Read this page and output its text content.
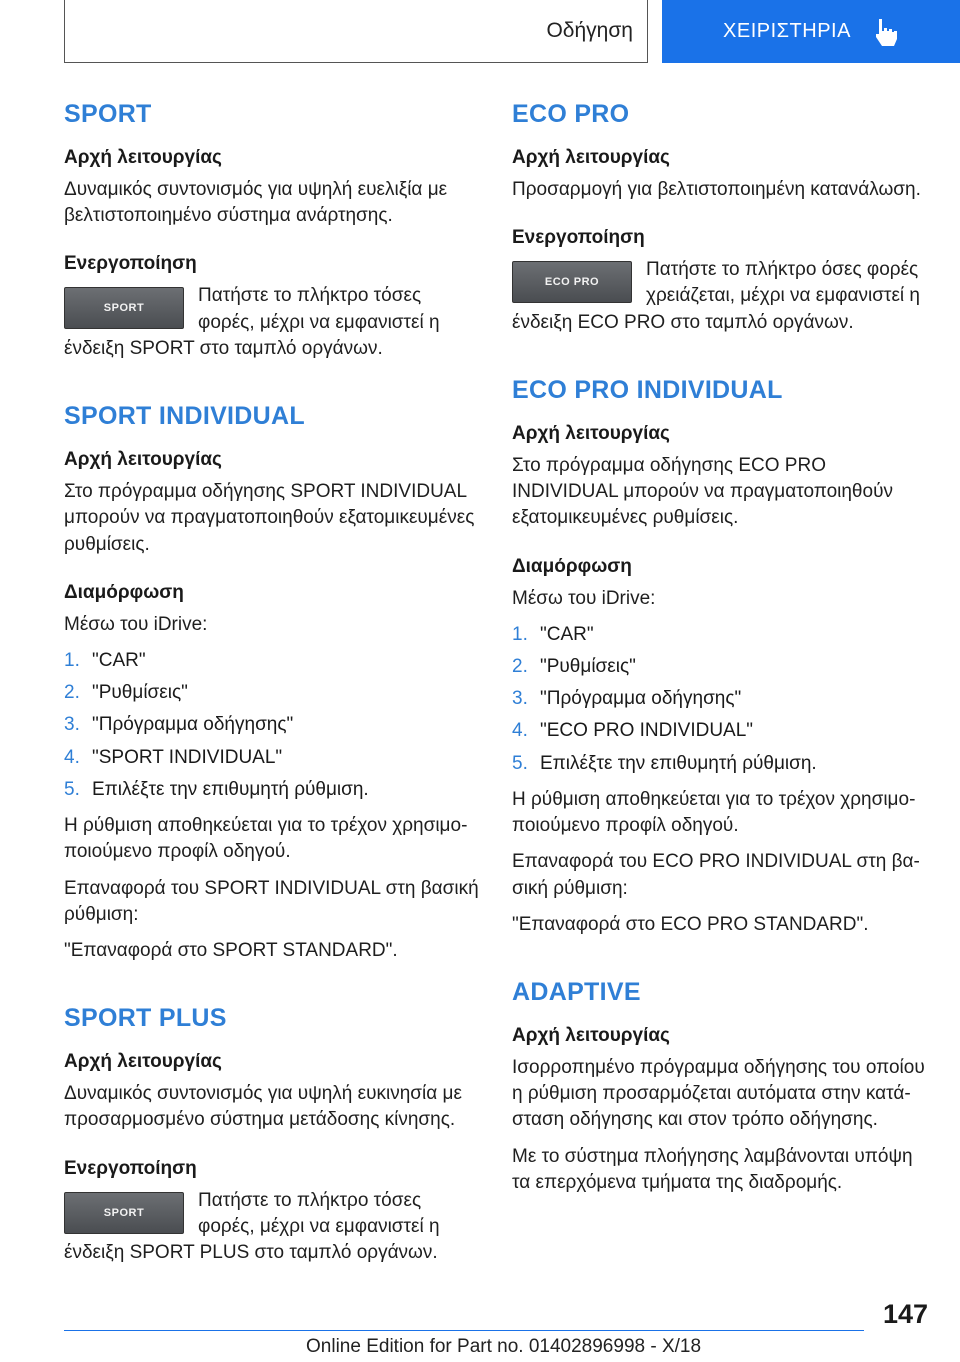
Οδήγηση	ΧΕΙΡΙΣΤΗΡΙΑ
SPORT
Αρχή λειτουργίας

Δυναμικός συντονισμός για υψηλή ευελιξία με βελτιστοποιημένο σύστημα ανάρτησης.

Ενεργοποίηση
SPORT

Πατήστε το πλήκτρο τόσες φορές, μέχρι να εμφανιστεί η ένδειξη SPORT στο ταμπλό οργάνων.

SPORT INDIVIDUAL
Αρχή λειτουργίας

Στο πρόγραμμα οδήγησης SPORT INDIVIDUAL μπορούν να πραγματοποιηθούν εξατομικευμένες ρυθμίσεις.

Διαμόρφωση

Μέσω του iDrive:

1. "CAR"
2. "Ρυθμίσεις"
3. "Πρόγραμμα οδήγησης"
4. "SPORT INDIVIDUAL"
5. Επιλέξτε την επιθυμητή ρύθμιση.

Η ρύθμιση αποθηκεύεται για το τρέχον χρησιμοποιούμενο προφίλ οδηγού.

Επαναφορά του SPORT INDIVIDUAL στη βασική ρύθμιση:

"Επαναφορά στο SPORT STANDARD".

SPORT PLUS
Αρχή λειτουργίας

Δυναμικός συντονισμός για υψηλή ευκινησία με προσαρμοσμένο σύστημα μετάδοσης κίνησης.

Ενεργοποίηση
SPORT

Πατήστε το πλήκτρο τόσες φορές, μέχρι να εμφανιστεί η ένδειξη SPORT PLUS στο ταμπλό οργάνων.

ECO PRO
Αρχή λειτουργίας

Προσαρμογή για βελτιστοποιημένη κατανάλωση.

Ενεργοποίηση
ECO PRO

Πατήστε το πλήκτρο όσες φορές χρειάζεται, μέχρι να εμφανιστεί η ένδειξη ECO PRO στο ταμπλό οργάνων.

ECO PRO INDIVIDUAL
Αρχή λειτουργίας

Στο πρόγραμμα οδήγησης ECO PRO INDIVIDUAL μπορούν να πραγματοποιηθούν εξατομικευμένες ρυθμίσεις.

Διαμόρφωση

Μέσω του iDrive:

1. "CAR"
2. "Ρυθμίσεις"
3. "Πρόγραμμα οδήγησης"
4. "ECO PRO INDIVIDUAL"
5. Επιλέξτε την επιθυμητή ρύθμιση.

Η ρύθμιση αποθηκεύεται για το τρέχον χρησιμοποιούμενο προφίλ οδηγού.

Επαναφορά του ECO PRO INDIVIDUAL στη βασική ρύθμιση:

"Επαναφορά στο ECO PRO STANDARD".

ADAPTIVE
Αρχή λειτουργίας

Ισορροπημένο πρόγραμμα οδήγησης του οποίου η ρύθμιση προσαρμόζεται αυτόματα στην κατάσταση οδήγησης και στον τρόπο οδήγησης.

Με το σύστημα πλοήγησης λαμβάνονται υπόψη τα επερχόμενα τμήματα της διαδρομής.

147
Online Edition for Part no. 01402896998 - X/18
